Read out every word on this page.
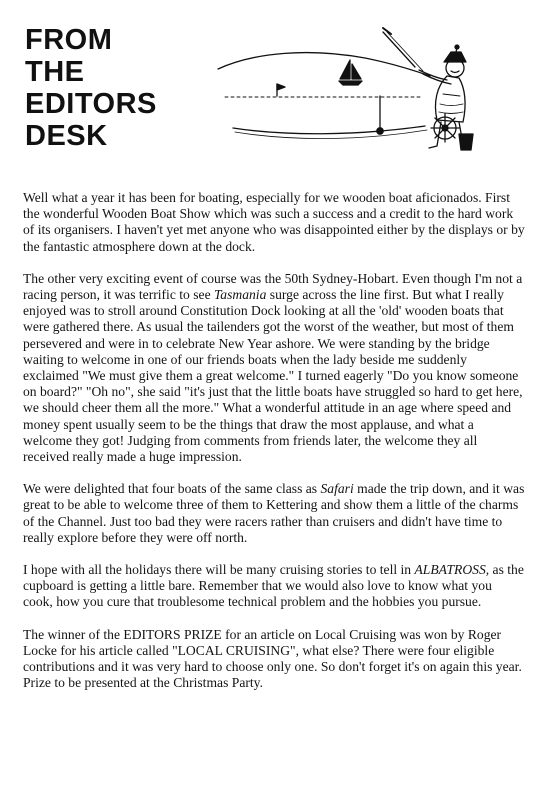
FROM
THE
EDITORS
DESK

Well what a year it has been for boating, especially for we wooden boat aficionados. First the wonderful Wooden Boat Show which was such a success and a credit to the hard work of its organisers. I haven't yet met anyone who was disappointed either by the displays or by the fantastic atmosphere down at the dock.

The other very exciting event of course was the 50th Sydney-Hobart. Even though I'm not a racing person, it was terrific to see Tasmania surge across the line first. But what I really enjoyed was to stroll around Constitution Dock looking at all the 'old' wooden boats that were gathered there. As usual the tailenders got the worst of the weather, but most of them persevered and were in to celebrate New Year ashore. We were standing by the bridge waiting to welcome in one of our friends boats when the lady beside me suddenly exclaimed "We must give them a great welcome." I turned eagerly "Do you know someone on board?" "Oh no", she said "it's just that the little boats have struggled so hard to get here, we should cheer them all the more." What a wonderful attitude in an age where speed and money spent usually seem to be the things that draw the most applause, and what a welcome they got! Judging from comments from friends later, the welcome they all received really made a huge impression.

We were delighted that four boats of the same class as Safari made the trip down, and it was great to be able to welcome three of them to Kettering and show them a little of the charms of the Channel. Just too bad they were racers rather than cruisers and didn't have time to really explore before they were off north.

I hope with all the holidays there will be many cruising stories to tell in ALBATROSS, as the cupboard is getting a little bare. Remember that we would also love to know what you cook, how you cure that troublesome technical problem and the hobbies you pursue.

The winner of the EDITORS PRIZE for an article on Local Cruising was won by Roger Locke for his article called "LOCAL CRUISING", what else? There were four eligible contributions and it was very hard to choose only one. So don't forget it's on again this year. Prize to be presented at the Christmas Party.
